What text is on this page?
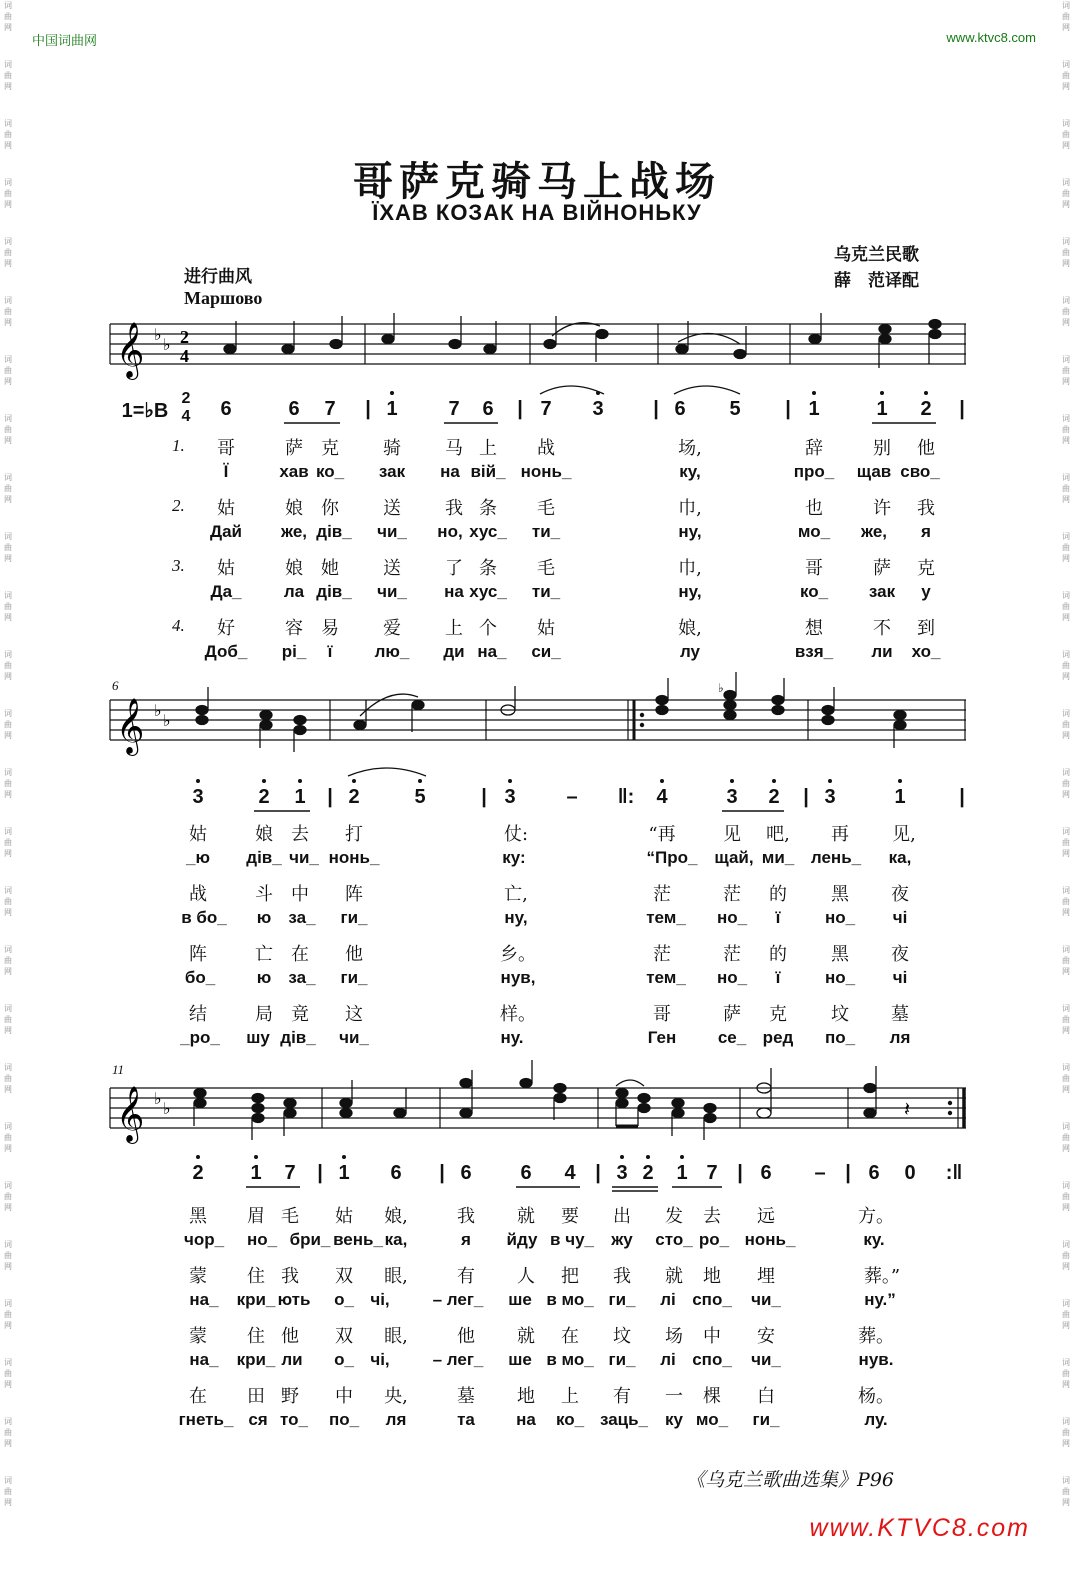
词
曲
网
词
曲
网
词
曲
网
词
曲
网
词
曲
网
词
曲
网
词
曲
网
词
曲
网
词
曲
网
词
曲
网
词
曲
网
词
曲
网
词
曲
网
词
曲
网
词
曲
网
词
曲
网
词
曲
网
词
曲
网
词
曲
网
词
曲
网
词
曲
网
词
曲
网
词
曲
网
词
曲
网
词
曲
网
词
曲
网
词
曲
网
词
曲
网
词
曲
网
词
曲
网
词
曲
网
词
曲
网
词
曲
网
词
曲
网
词
曲
网
词
曲
网
词
曲
网
词
曲
网
词
曲
网
词
曲
网
词
曲
网
词
曲
网
词
曲
网
词
曲
网
词
曲
网
词
曲
网
词
曲
网
词
曲
网
词
曲
网
词
曲
网
词
曲
网
词
曲
网
中国词曲网	www.ktvc8.com
哥萨克骑马上战场
ЇХАВ КОЗАК НА ВІЙНОНЬКУ
乌克兰民歌
薛　范译配
进行曲风
Маршово
𝄞 ♭
♭ 2
4
1=♭B
2
4 6	6 7 | 1	7 6 | 7 3 | 6 5 | 1	1 2 |
1.
2.
3.
4.
哥	萨 克 骑 马 上 战	场,	辞	别 他
Ї	хав ко_ зак на вій_ нонь_	ку,	про_ щав сво_
姑	娘 你 送 我 条 毛	巾,	也	许 我
Дай же, дів_ чи_ но, хус_ ти_	ну,	мо_ же, я
姑	娘 她 送 了 条 毛	巾,	哥	萨 克
Да_ ла дів_ чи_ на хус_ ти_	ну,	ко_ зак у
好	容 易 爱 上 个 姑	娘,	想	不 到
Доб_ рі_ ї лю_ ди на_ си_	лу	взя_ ли хо_
6
𝄞 ♭
♭
♭
3	2 1 | 2	5	| 3	– ‖: 4	3 2 | 3	1	|
姑	娘 去 打	仗:	“再	见 吧, 再 见,
_ю дів_ чи_ нонь_	ку:	“Про_ щай, ми_ лень_ ка,
战	斗 中 阵	亡,	茫	茫 的 黑 夜
в бо_ ю за_ ги_	ну,	тем_ но_ ї	но_ чі
阵	亡 在 他	乡。	茫	茫 的 黑 夜
бо_ ю за_ ги_	нув,	тем_ но_ ї	но_ чі
结	局 竟 这	样。	哥	萨 克 坟 墓
_ро_ шу дів_ чи_	ну.	Ген се_ ред по_ ля
11
𝄞 ♭
♭	𝄽
2 1 7 | 1 6 | 6 6 4 | 3 2 1 7 | 6 – | 6 0 :‖
黑 眉 毛 姑 娘,	我 就 要 出 发 去 远	方。
чор_ но_ бри_ вень_ ка,	я йду в чу_ жу сто_ ро_ нонь_	ку.
蒙 住 我 双 眼,	有 人 把 我 就 地 埋	葬。”
на_ кри_ ють о_ чі,	– лег_ ше в мо_ ги_ лі спо_ чи_	ну.”
蒙 住 他 双 眼,	他 就 在 坟 场 中 安	葬。
на_ кри_ ли о_ чі,	– лег_ ше в мо_ ги_ лі спо_ чи_	нув.
在 田 野 中 央,	墓 地 上 有 一 棵 白	杨。
гнеть_ ся то_ по_ ля	та на ко_ заць_ ку мо_ ги_	лу.
《乌克兰歌曲选集》P96
www.KTVC8.com
